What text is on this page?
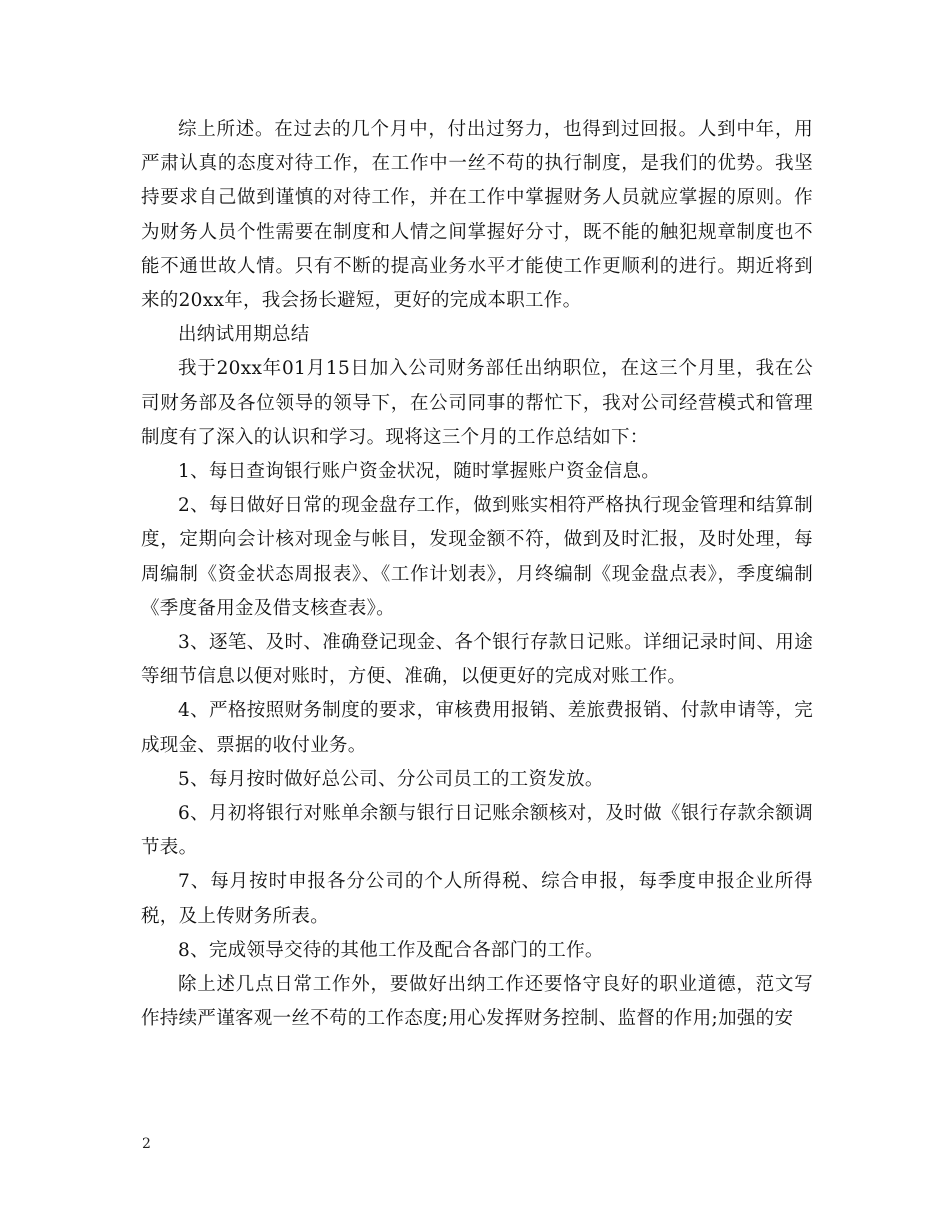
综上所述。在过去的几个月中，付出过努力，也得到过回报。人到中年，用严肃认真的态度对待工作，在工作中一丝不苟的执行制度，是我们的优势。我坚持要求自己做到谨慎的对待工作，并在工作中掌握财务人员就应掌握的原则。作为财务人员个性需要在制度和人情之间掌握好分寸，既不能的触犯规章制度也不能不通世故人情。只有不断的提高业务水平才能使工作更顺利的进行。期近将到来的20xx年，我会扬长避短，更好的完成本职工作。

出纳试用期总结

我于20xx年01月15日加入公司财务部任出纳职位，在这三个月里，我在公司财务部及各位领导的领导下，在公司同事的帮忙下，我对公司经营模式和管理制度有了深入的认识和学习。现将这三个月的工作总结如下：

1、每日查询银行账户资金状况，随时掌握账户资金信息。

2、每日做好日常的现金盘存工作，做到账实相符严格执行现金管理和结算制度，定期向会计核对现金与帐目，发现金额不符，做到及时汇报，及时处理，每周编制《资金状态周报表》、《工作计划表》，月终编制《现金盘点表》，季度编制《季度备用金及借支核查表》。

3、逐笔、及时、准确登记现金、各个银行存款日记账。详细记录时间、用途等细节信息以便对账时，方便、准确，以便更好的完成对账工作。

4、严格按照财务制度的要求，审核费用报销、差旅费报销、付款申请等，完成现金、票据的收付业务。

5、每月按时做好总公司、分公司员工的工资发放。

6、月初将银行对账单余额与银行日记账余额核对，及时做《银行存款余额调节表。

7、每月按时申报各分公司的个人所得税、综合申报，每季度申报企业所得税，及上传财务所表。

8、完成领导交待的其他工作及配合各部门的工作。

除上述几点日常工作外，要做好出纳工作还要恪守良好的职业道德，范文写作持续严谨客观一丝不苟的工作态度;用心发挥财务控制、监督的作用;加强的安

2
